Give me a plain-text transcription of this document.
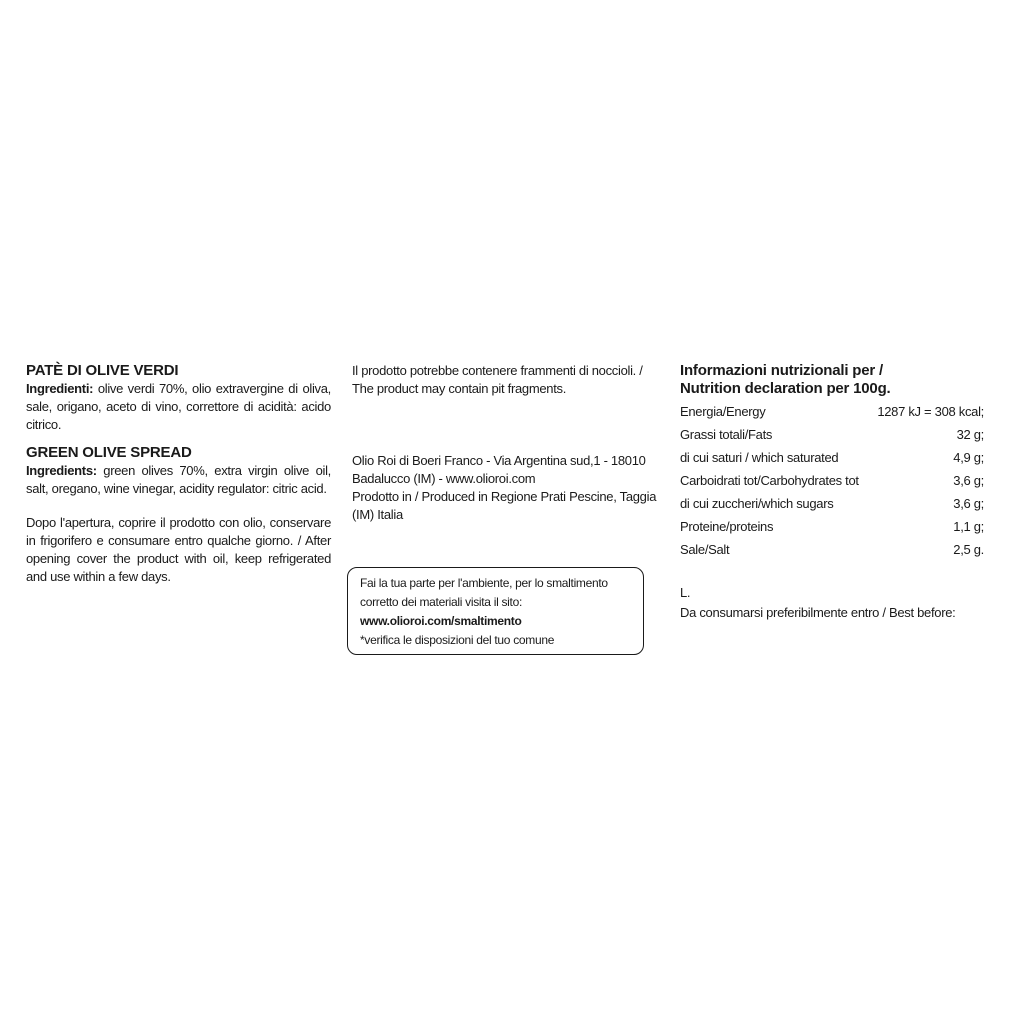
PATÈ DI OLIVE VERDI

Ingredienti: olive verdi 70%, olio extravergine di oliva, sale, origano, aceto di vino, correttore di acidità: acido citrico.

GREEN OLIVE SPREAD

Ingredients: green olives 70%, extra virgin olive oil, salt, oregano, wine vinegar, acidity regulator: citric acid.

Dopo l'apertura, coprire il prodotto con olio, conservare in frigorifero e consumare entro qualche giorno. / After opening cover the product with oil, keep refrigerated and use within a few days.

Il prodotto potrebbe contenere frammenti di noccioli. / The product may contain pit fragments.

Olio Roi di Boeri Franco - Via Argentina sud,1 - 18010 Badalucco (IM) - www.olioroi.com

Prodotto in / Produced in Regione Prati Pescine, Taggia (IM) Italia

Fai la tua parte per l'ambiente, per lo smaltimento

corretto dei materiali visita il sito:

www.olioroi.com/smaltimento

*verifica le disposizioni del tuo comune

Informazioni nutrizionali per /

Nutrition declaration per 100g.

Energia/Energy	1287 kJ = 308 kcal;
Grassi totali/Fats	32 g;
di cui saturi / which saturated	4,9 g;
Carboidrati tot/Carbohydrates tot	3,6 g;
di cui zuccheri/which sugars	3,6 g;
Proteine/proteins	1,1 g;
Sale/Salt	2,5 g.

L.

Da consumarsi preferibilmente entro / Best before:
